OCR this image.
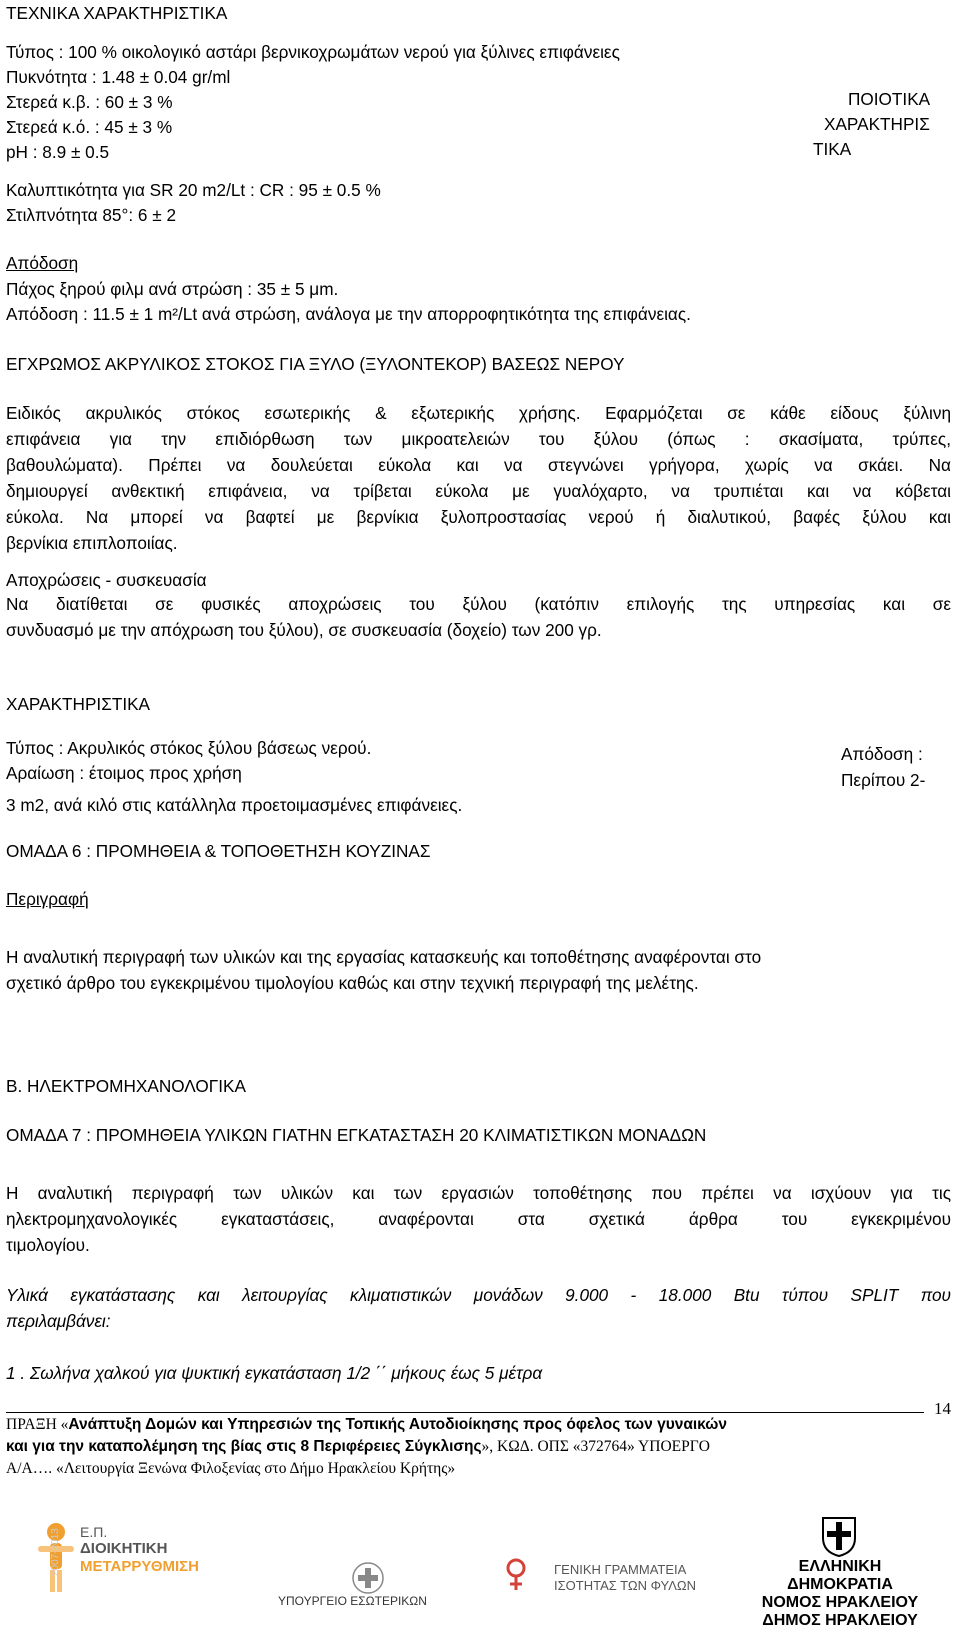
ΤΕΧΝΙΚΑ ΧΑΡΑΚΤΗΡΙΣΤΙΚΑ
Τύπος : 100 % οικολογικό αστάρι βερνικοχρωμάτων νερού για ξύλινες επιφάνειες
Πυκνότητα : 1.48 ± 0.04 gr/ml
Στερεά κ.β. : 60 ± 3 %
Στερεά κ.ό. : 45 ± 3 %
pH : 8.9 ± 0.5
ΠΟΙΟΤΙΚΑ
ΧΑΡΑΚΤΗΡΙΣ
ΤΙΚΑ
Καλυπτικότητα για SR 20 m2/Lt : CR : 95 ± 0.5 %
Στιλπνότητα 85°: 6 ± 2
Απόδοση
Πάχος ξηρού φιλμ ανά στρώση : 35 ± 5 μm.
Απόδοση : 11.5 ± 1 m²/Lt ανά στρώση, ανάλογα με την απορροφητικότητα της επιφάνειας.
ΕΓΧΡΩΜΟΣ ΑΚΡΥΛΙΚΟΣ ΣΤΟΚΟΣ ΓΙΑ ΞΥΛΟ (ΞΥΛΟΝΤΕΚΟΡ) ΒΑΣΕΩΣ ΝΕΡΟΥ
Ειδικός ακρυλικός στόκος εσωτερικής & εξωτερικής χρήσης. Εφαρμόζεται σε κάθε είδους ξύλινη
επιφάνεια για την επιδιόρθωση των μικροατελειών του ξύλου (όπως : σκασίματα, τρύπες,
βαθουλώματα). Πρέπει να δουλεύεται εύκολα και να στεγνώνει γρήγορα, χωρίς να σκάει. Να
δημιουργεί ανθεκτική επιφάνεια, να τρίβεται εύκολα με γυαλόχαρτο, να τρυπιέται και να κόβεται
εύκολα. Να μπορεί να βαφτεί με βερνίκια ξυλοπροστασίας νερού ή διαλυτικού, βαφές ξύλου και
βερνίκια επιπλοποιίας.
Αποχρώσεις - συσκευασία
Να διατίθεται σε φυσικές αποχρώσεις του ξύλου (κατόπιν επιλογής της υπηρεσίας και σε
συνδυασμό με την απόχρωση του ξύλου), σε συσκευασία (δοχείο) των 200 γρ.
ΧΑΡΑΚΤΗΡΙΣΤΙΚΑ
Τύπος : Ακρυλικός στόκος ξύλου βάσεως νερού.
Αραίωση : έτοιμος προς χρήση
Απόδοση :
Περίπου 2-
3 m2, ανά κιλό στις κατάλληλα προετοιμασμένες επιφάνειες.
ΟΜΑΔΑ 6 : ΠΡΟΜΗΘΕΙΑ & ΤΟΠΟΘΕΤΗΣΗ ΚΟΥΖΙΝΑΣ
Περιγραφή
Η αναλυτική περιγραφή των υλικών και της εργασίας κατασκευής και τοποθέτησης αναφέρονται στο
σχετικό άρθρο του εγκεκριμένου τιμολογίου καθώς και στην τεχνική περιγραφή της μελέτης.
Β. ΗΛΕΚΤΡΟΜΗΧΑΝΟΛΟΓΙΚΑ
ΟΜΑΔΑ 7 : ΠΡΟΜΗΘΕΙΑ ΥΛΙΚΩΝ ΓΙΑΤΗΝ ΕΓΚΑΤΑΣΤΑΣΗ 20 ΚΛΙΜΑΤΙΣΤΙΚΩΝ ΜΟΝΑΔΩΝ
Η αναλυτική περιγραφή των υλικών και των εργασιών τοποθέτησης που πρέπει να ισχύουν για τις
ηλεκτρομηχανολογικές εγκαταστάσεις, αναφέρονται στα σχετικά άρθρα του εγκεκριμένου
τιμολογίου.
Υλικά εγκατάστασης και λειτουργίας κλιματιστικών μονάδων 9.000 - 18.000 Btu τύπου SPLIT που
περιλαμβάνει:
1 . Σωλήνα χαλκού για ψυκτική εγκατάσταση 1/2 ΄΄ μήκους έως 5 μέτρα
ΠΡΑΞΗ «Ανάπτυξη Δομών και Υπηρεσιών της Τοπικής Αυτοδιοίκησης προς όφελος των γυναικών
και για την καταπολέμηση της βίας στις 8 Περιφέρειες Σύγκλισης», ΚΩΔ. ΟΠΣ «372764» ΥΠΟΕΡΓΟ
Α/Α…. «Λειτουργία Ξενώνα Φιλοξενίας στο Δήμο Ηρακλείου Κρήτης»
14
2007-2013 Ε.Π.
ΔΙΟΙΚΗΤΙΚΗ
ΜΕΤΑΡΡΥΘΜΙΣΗ
ΥΠΟΥΡΓΕΙΟ ΕΣΩΤΕΡΙΚΩΝ
ΓΕΝΙΚΗ ΓΡΑΜΜΑΤΕΙΑ
ΙΣΟΤΗΤΑΣ ΤΩΝ ΦΥΛΩΝ
ΕΛΛΗΝΙΚΗ
ΔΗΜΟΚΡΑΤΙΑ
ΝΟΜΟΣ ΗΡΑΚΛΕΙΟΥ
ΔΗΜΟΣ ΗΡΑΚΛΕΙΟΥ
